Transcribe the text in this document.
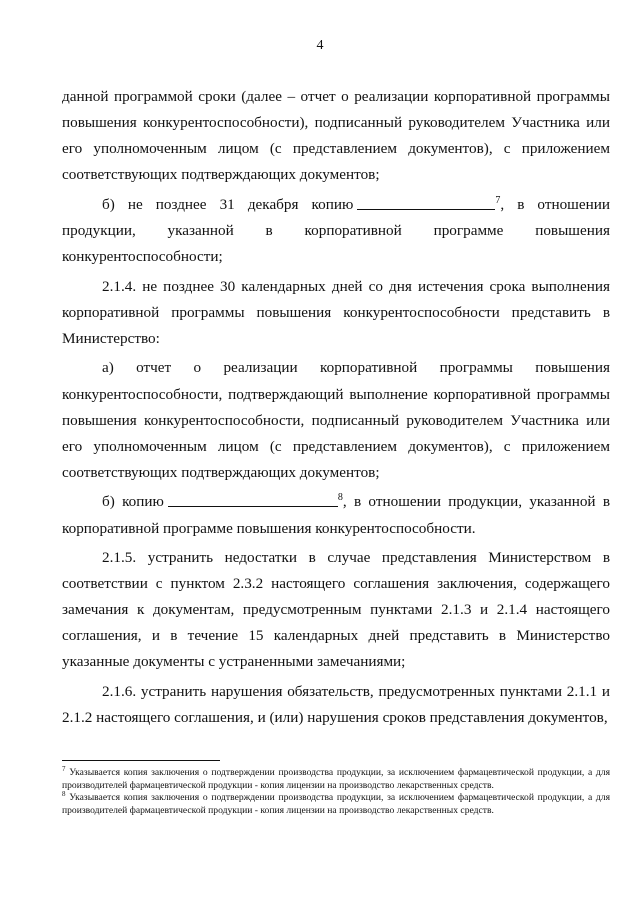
4

данной программой сроки (далее – отчет о реализации корпоративной программы повышения конкурентоспособности), подписанный руководителем Участника или его уполномоченным лицом (с представлением документов), с приложением соответствующих подтверждающих документов;

б) не позднее 31 декабря копию	$^7$, в отношении продукции, указанной в корпоративной программе повышения конкурентоспособности;

2.1.4. не позднее 30 календарных дней со дня истечения срока выполнения корпоративной программы повышения конкурентоспособности представить в Министерство:

а) отчет о реализации корпоративной программы повышения конкурентоспособности, подтверждающий выполнение корпоративной программы повышения конкурентоспособности, подписанный руководителем Участника или его уполномоченным лицом (с представлением документов), с приложением соответствующих подтверждающих документов;

б) копию	$^8$, в отношении продукции, указанной в корпоративной программе повышения конкурентоспособности.

2.1.5. устранить недостатки в случае представления Министерством в соответствии с пунктом 2.3.2 настоящего соглашения заключения, содержащего замечания к документам, предусмотренным пунктами 2.1.3 и 2.1.4 настоящего соглашения, и в течение 15 календарных дней представить в Министерство указанные документы с устраненными замечаниями;

2.1.6. устранить нарушения обязательств, предусмотренных пунктами 2.1.1 и 2.1.2 настоящего соглашения, и (или) нарушения сроков представления документов,

$^7$ Указывается копия заключения о подтверждении производства продукции, за исключением фармацевтической продукции, а для производителей фармацевтической продукции - копия лицензии на производство лекарственных средств.

$^8$ Указывается копия заключения о подтверждении производства продукции, за исключением фармацевтической продукции, а для производителей фармацевтической продукции - копия лицензии на производство лекарственных средств.
